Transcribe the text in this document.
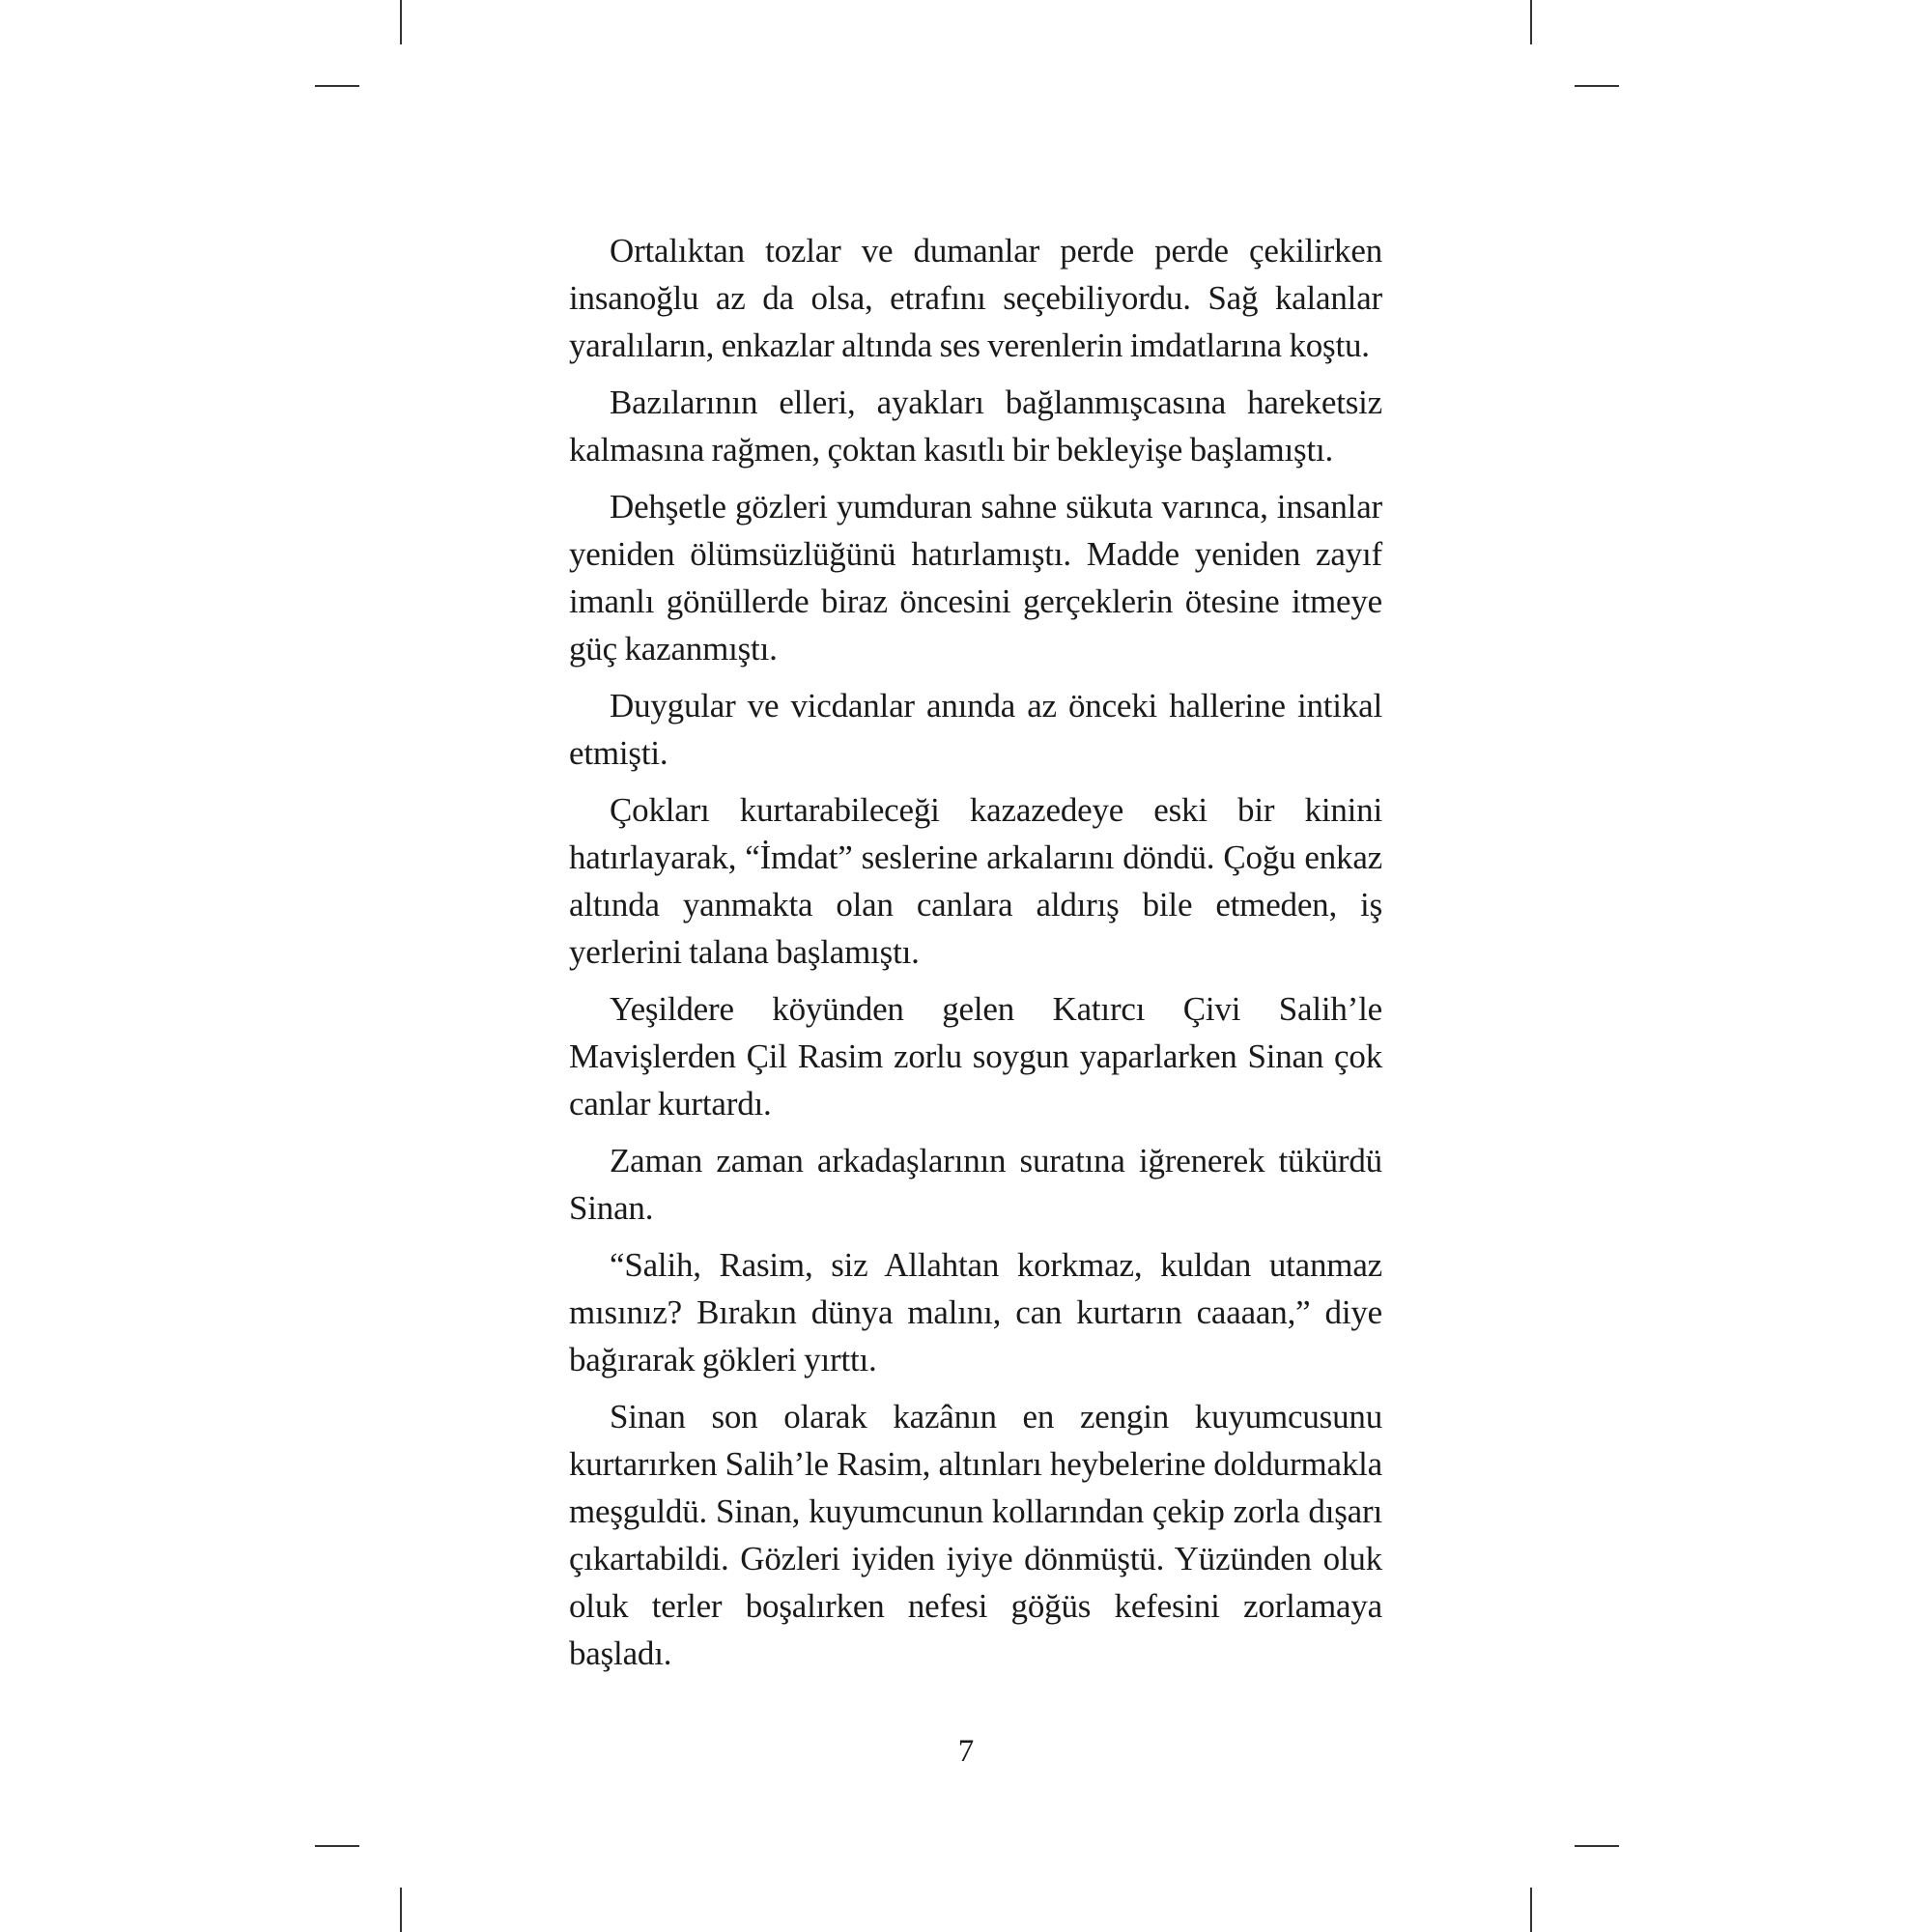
Ortalıktan tozlar ve dumanlar perde perde çekilirken insanoğlu az da olsa, etrafını seçebiliyordu. Sağ kalanlar yaralıların, enkazlar altında ses verenlerin imdatlarına koştu.

Bazılarının elleri, ayakları bağlanmışcasına hareketsiz kalmasına rağmen, çoktan kasıtlı bir bekleyişe başlamıştı.

Dehşetle gözleri yumduran sahne sükuta varınca, insanlar yeniden ölümsüzlüğünü hatırlamıştı. Madde yeniden zayıf imanlı gönüllerde biraz öncesini gerçeklerin ötesine itmeye güç kazanmıştı.

Duygular ve vicdanlar anında az önceki hallerine intikal etmişti.

Çokları kurtarabileceği kazazedeye eski bir kinini hatırlayarak, “İmdat” seslerine arkalarını döndü. Çoğu enkaz altında yanmakta olan canlara aldırış bile etmeden, iş yerlerini talana başlamıştı.

Yeşildere köyünden gelen Katırcı Çivi Salih’le Mavişlerden Çil Rasim zorlu soygun yaparlarken Sinan çok canlar kurtardı.

Zaman zaman arkadaşlarının suratına iğrenerek tükürdü Sinan.

“Salih, Rasim, siz Allahtan korkmaz, kuldan utanmaz mısınız? Bırakın dünya malını, can kurtarın caaaan,” diye bağırarak gökleri yırttı.

Sinan son olarak kazânın en zengin kuyumcusunu kurtarırken Salih’le Rasim, altınları heybelerine doldurmakla meşguldü. Sinan, kuyumcunun kollarından çekip zorla dışarı çıkartabildi. Gözleri iyiden iyiye dönmüştü. Yüzünden oluk oluk terler boşalırken nefesi göğüs kefesini zorlamaya başladı.

7
